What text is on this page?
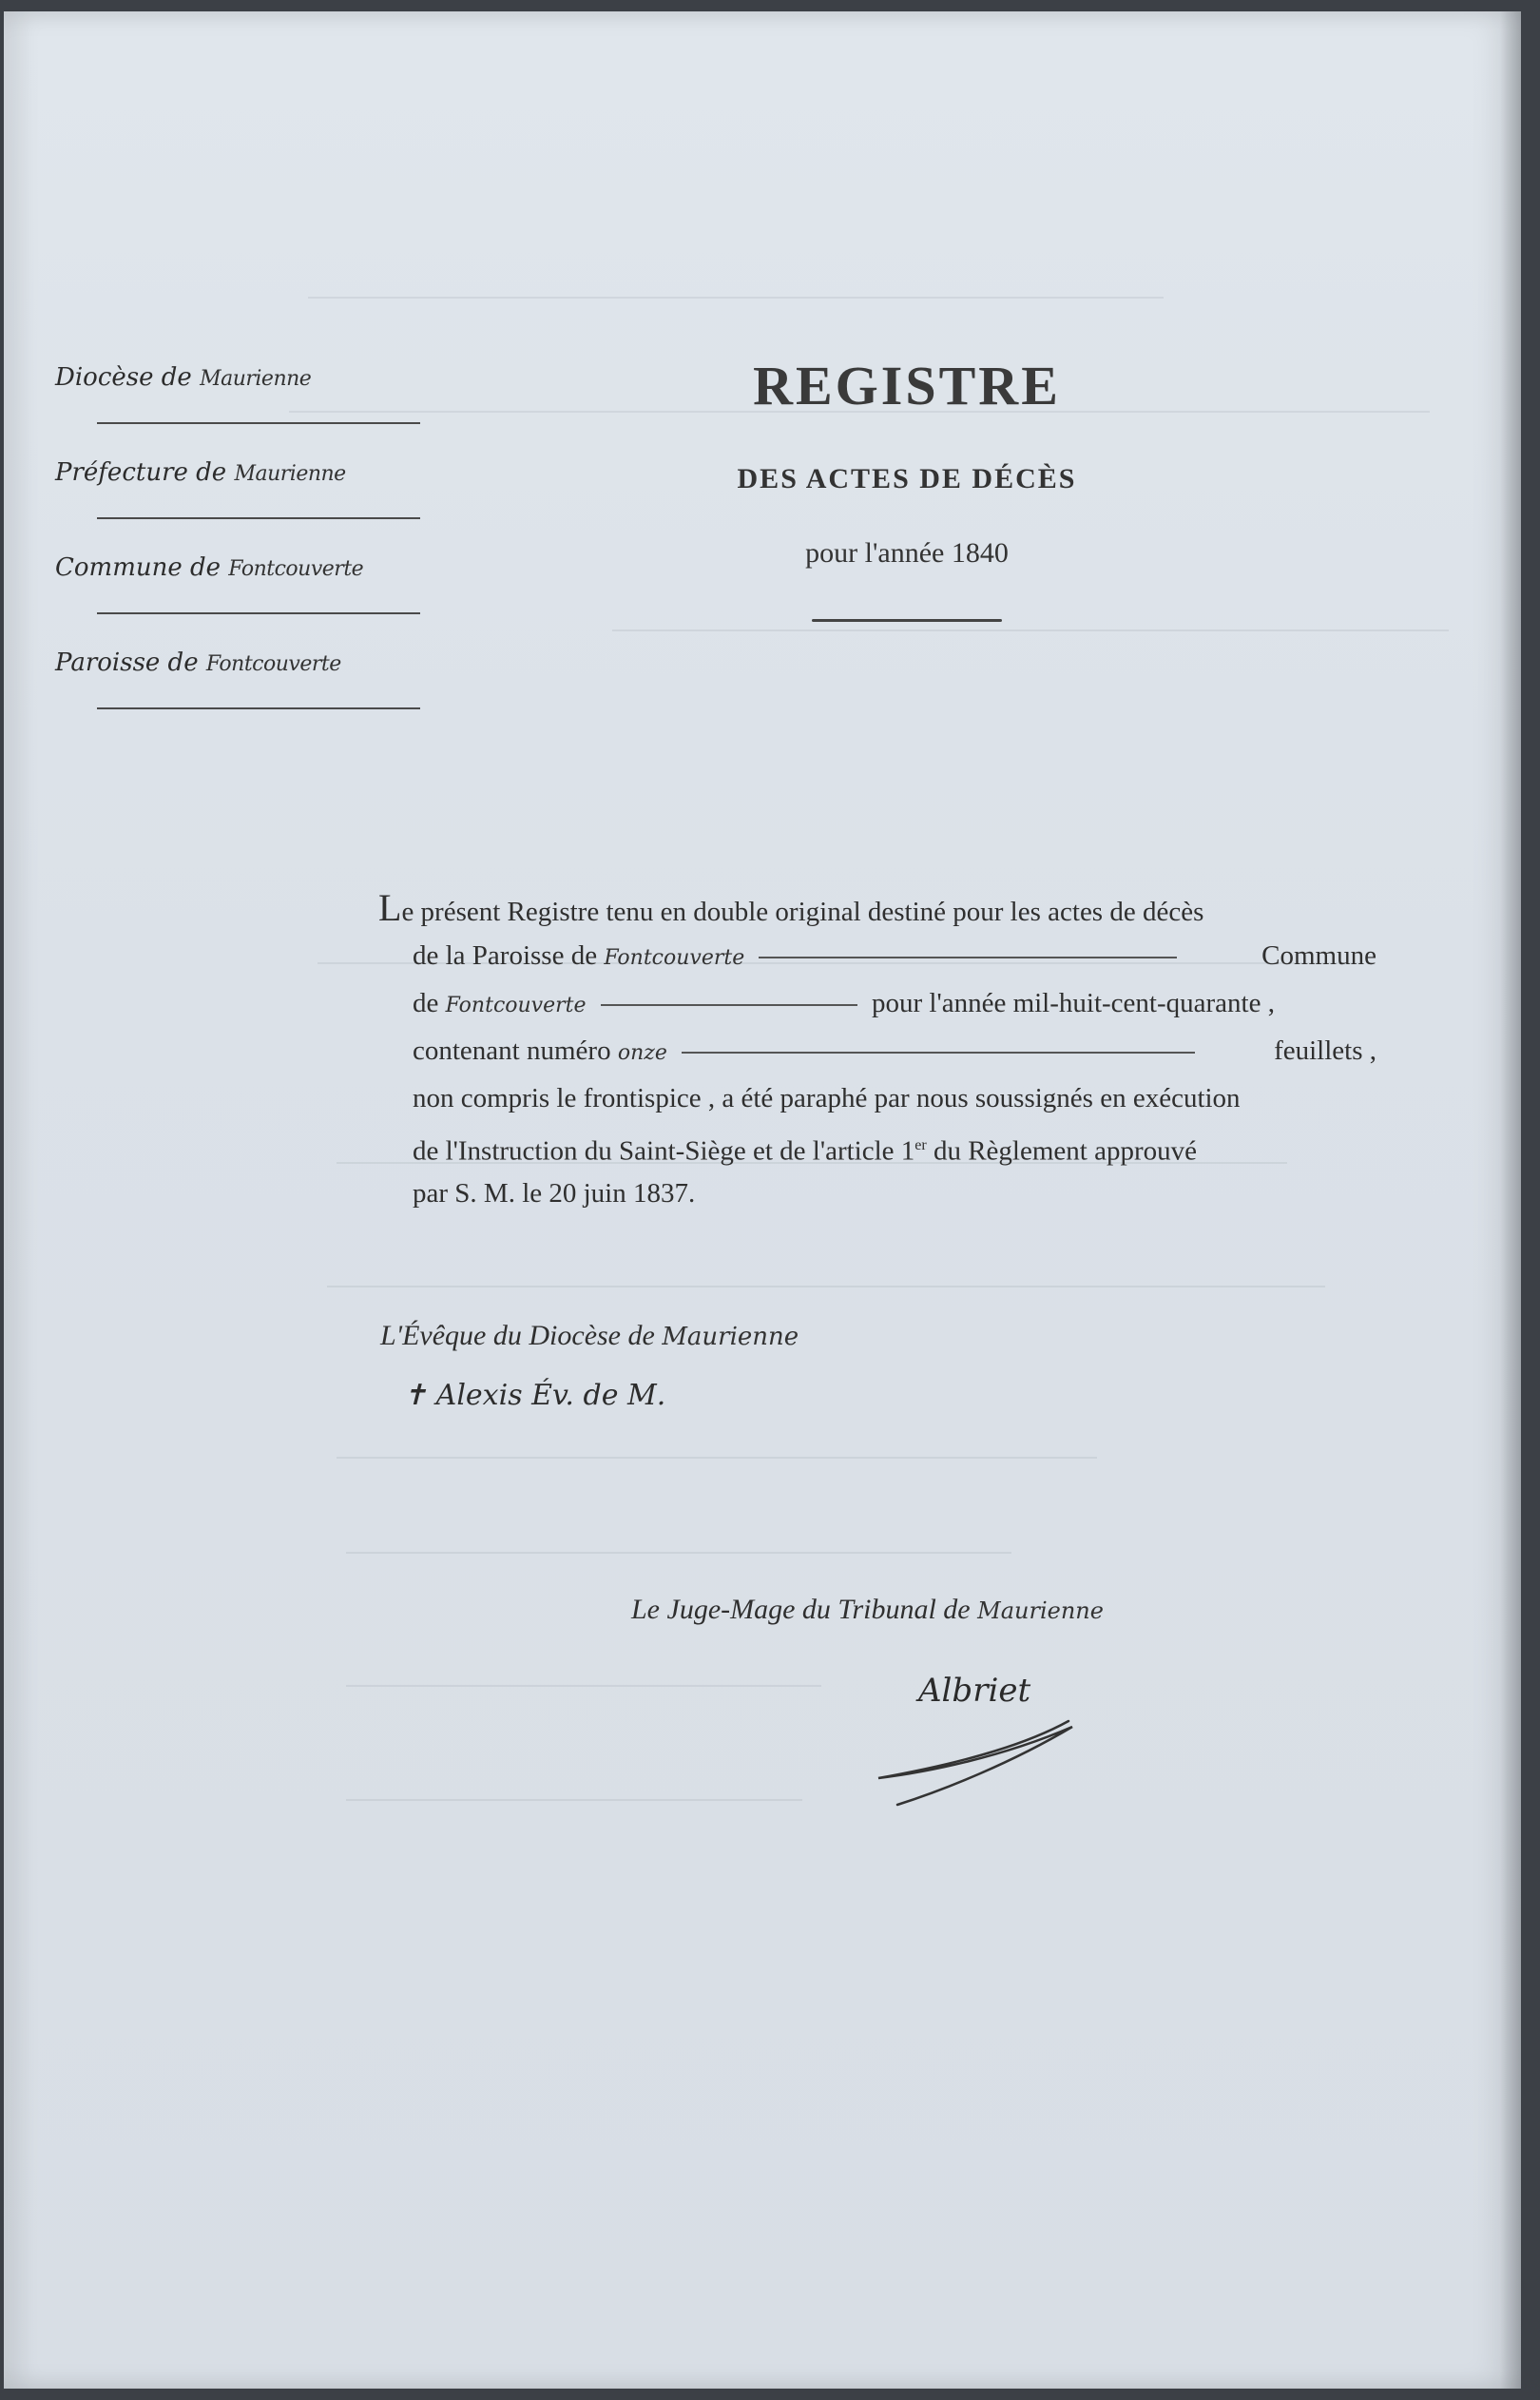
Diocèse de Maurienne
Préfecture de Maurienne
Commune de Fontcouverte
Paroisse de Fontcouverte
REGISTRE
DES ACTES DE DÉCÈS
pour l'année 1840
Le présent Registre tenu en double original destiné pour les actes de décès
de la Paroisse de Fontcouverte	Commune
de Fontcouverte	pour l'année mil-huit-cent-quarante ,
contenant numéro onze	feuillets ,
non compris le frontispice , a été paraphé par nous soussignés en exécution
de l'Instruction du Saint-Siège et de l'article 1er du Règlement approuvé
par S. M. le 20 juin 1837.
L'Évêque du Diocèse de Maurienne
✝ Alexis Év. de M.
Le Juge-Mage du Tribunal de Maurienne
Albriet
